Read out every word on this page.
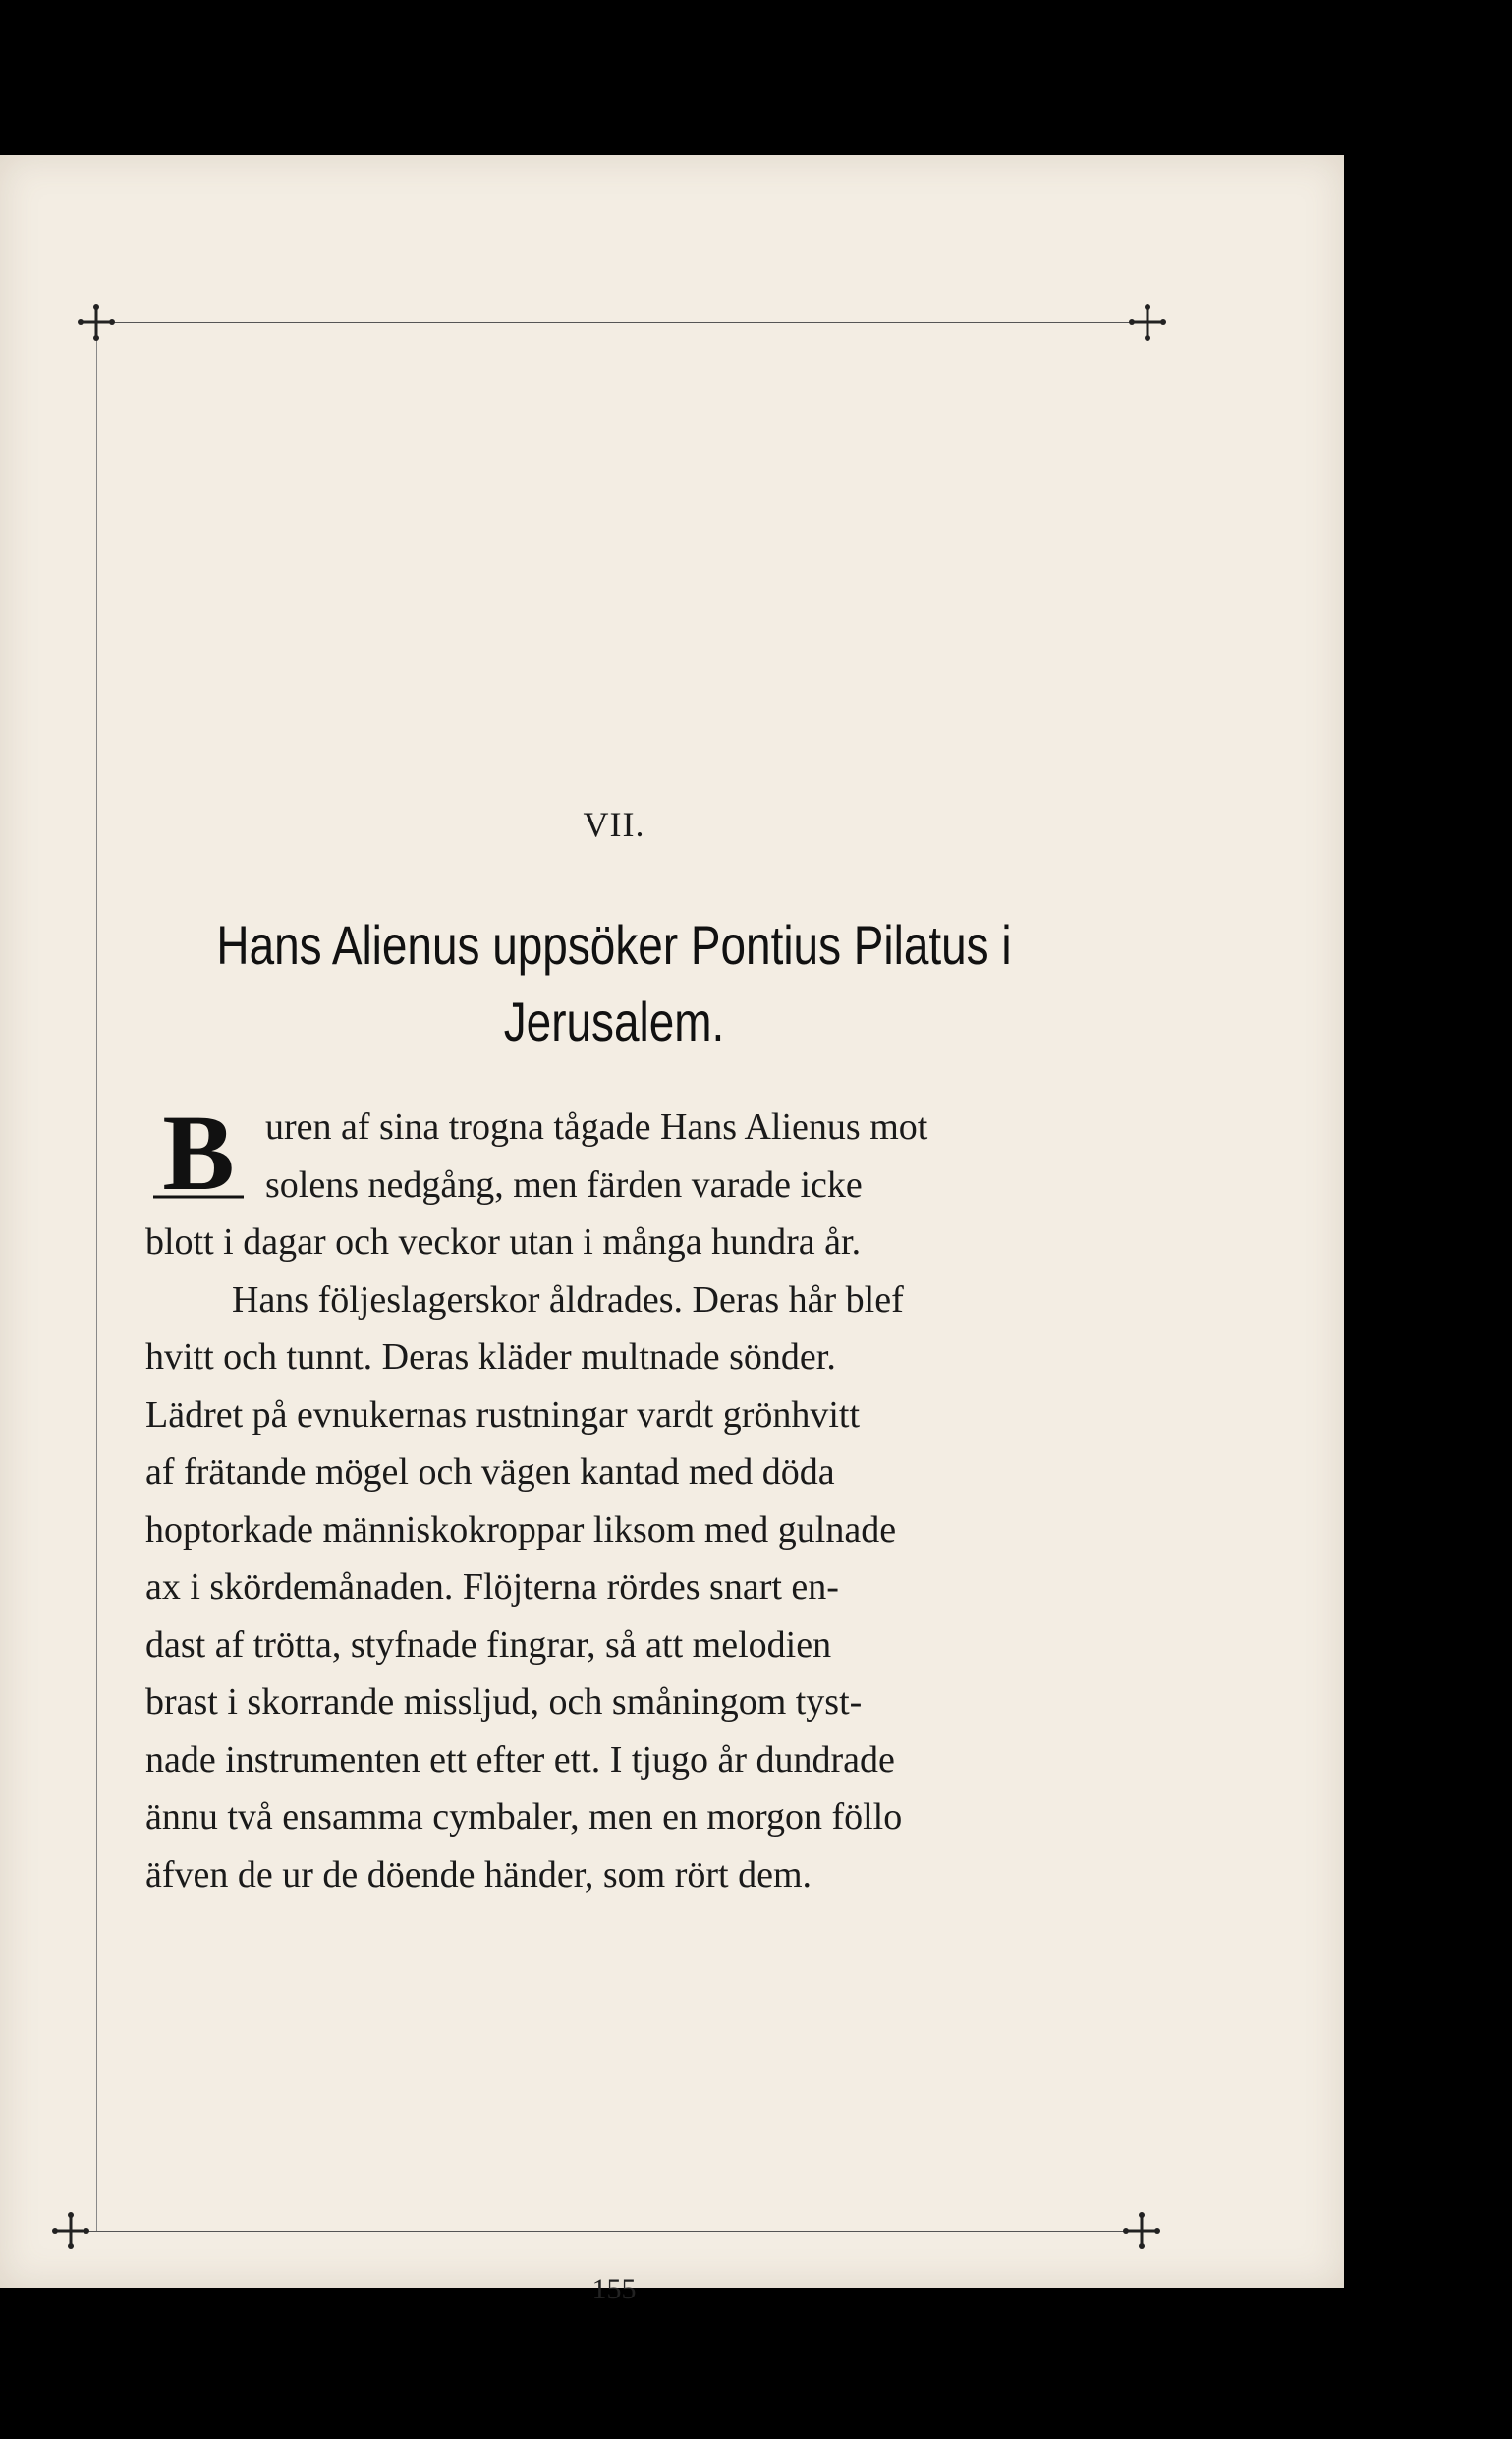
VII.
Hans Alienus uppsöker Pontius Pilatus i
Jerusalem.
B uren af sina trogna tågade Hans Alienus mot
solens nedgång, men färden varade icke
blott i dagar och veckor utan i många hundra år.
Hans följeslagerskor åldrades. Deras hår blef
hvitt och tunnt. Deras kläder multnade sönder.
Lädret på evnukernas rustningar vardt grönhvitt
af frätande mögel och vägen kantad med döda
hoptorkade människokroppar liksom med gulnade
ax i skördemånaden. Flöjterna rördes snart en-
dast af trötta, styfnade fingrar, så att melodien
brast i skorrande missljud, och småningom tyst-
nade instrumenten ett efter ett. I tjugo år dundrade
ännu två ensamma cymbaler, men en morgon föllo
äfven de ur de döende händer, som rört dem.
155
